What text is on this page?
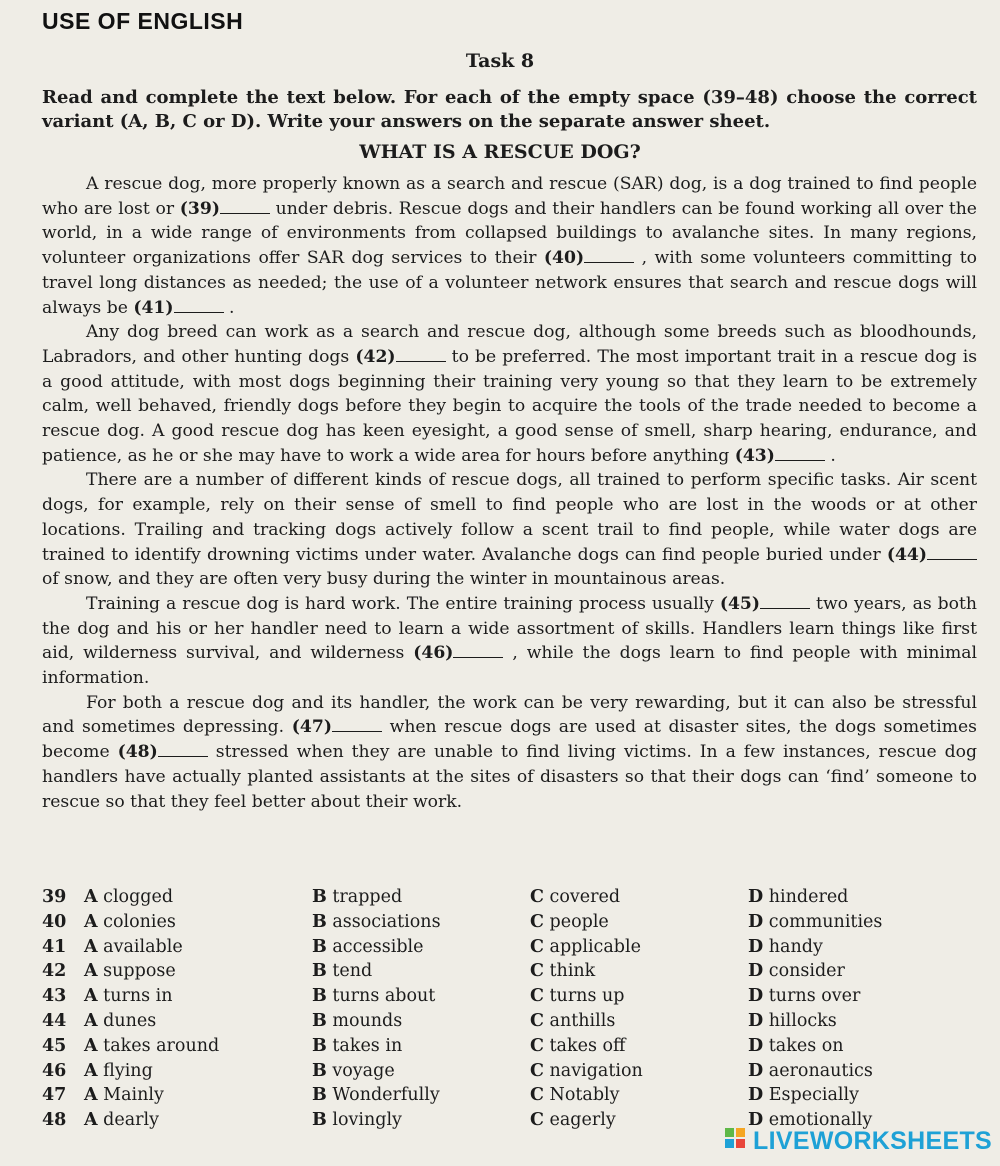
USE OF ENGLISH
Task 8
Read and complete the text below. For each of the empty space (39–48) choose the correct variant (A, B, C or D). Write your answers on the separate answer sheet.
WHAT IS A RESCUE DOG?

A rescue dog, more properly known as a search and rescue (SAR) dog, is a dog trained to find people who are lost or (39)	under debris. Rescue dogs and their handlers can be found working all over the world, in a wide range of environments from collapsed buildings to avalanche sites. In many regions, volunteer organizations offer SAR dog services to their (40)	, with some volunteers committing to travel long distances as needed; the use of a volunteer network ensures that search and rescue dogs will always be (41)	.

Any dog breed can work as a search and rescue dog, although some breeds such as bloodhounds, Labradors, and other hunting dogs (42)	to be preferred. The most important trait in a rescue dog is a good attitude, with most dogs beginning their training very young so that they learn to be extremely calm, well behaved, friendly dogs before they begin to acquire the tools of the trade needed to become a rescue dog. A good rescue dog has keen eyesight, a good sense of smell, sharp hearing, endurance, and patience, as he or she may have to work a wide area for hours before anything (43)	.

There are a number of different kinds of rescue dogs, all trained to perform specific tasks. Air scent dogs, for example, rely on their sense of smell to find people who are lost in the woods or at other locations. Trailing and tracking dogs actively follow a scent trail to find people, while water dogs are trained to identify drowning victims under water. Avalanche dogs can find people buried under (44) of snow, and they are often very busy during the winter in mountainous areas.

Training a rescue dog is hard work. The entire training process usually (45)	two years, as both the dog and his or her handler need to learn a wide assortment of skills. Handlers learn things like first aid, wilderness survival, and wilderness (46)	, while the dogs learn to find people with minimal information.

For both a rescue dog and its handler, the work can be very rewarding, but it can also be stressful and sometimes depressing. (47)	when rescue dogs are used at disaster sites, the dogs sometimes become (48)	stressed when they are unable to find living victims. In a few instances, rescue dog handlers have actually planted assistants at the sites of disasters so that their dogs can ‘find’ someone to rescue so that they feel better about their work.

39 A clogged	B trapped	C covered	D hindered
40 A colonies	B associations	C people	D communities
41 A available	B accessible	C applicable	D handy
42 A suppose	B tend	C think	D consider
43 A turns in	B turns about	C turns up	D turns over
44 A dunes	B mounds	C anthills	D hillocks
45 A takes around	B takes in	C takes off	D takes on
46 A flying	B voyage	C navigation	D aeronautics
47 A Mainly	B Wonderfully	C Notably	D Especially
48 A dearly	B lovingly	C eagerly	D emotionally
LIVEWORKSHEETS
